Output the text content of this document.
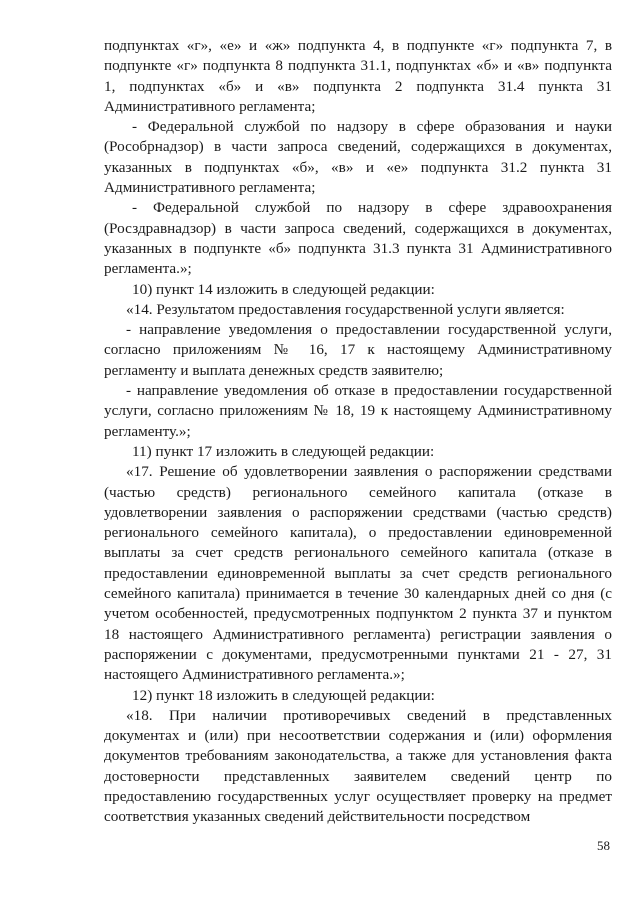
подпунктах «г», «е» и «ж» подпункта 4, в подпункте «г» подпункта 7, в подпункте «г» подпункта 8 подпункта 31.1, подпунктах «б» и «в» подпункта 1, подпунктах «б» и «в» подпункта 2 подпункта 31.4 пункта 31 Административного регламента;

- Федеральной службой по надзору в сфере образования и науки (Рособрнадзор) в части запроса сведений, содержащихся в документах, указанных в подпунктах «б», «в» и «е» подпункта 31.2 пункта 31 Административного регламента;

- Федеральной службой по надзору в сфере здравоохранения (Росздравнадзор) в части запроса сведений, содержащихся в документах, указанных в подпункте «б» подпункта 31.3 пункта 31 Административного регламента.»;

10) пункт 14 изложить в следующей редакции:

«14. Результатом предоставления государственной услуги является:

- направление уведомления о предоставлении государственной услуги, согласно приложениям № 16, 17 к настоящему Административному регламенту и выплата денежных средств заявителю;

- направление уведомления об отказе в предоставлении государственной услуги, согласно приложениям № 18, 19 к настоящему Административному регламенту.»;

11) пункт 17 изложить в следующей редакции:

«17. Решение об удовлетворении заявления о распоряжении средствами (частью средств) регионального семейного капитала (отказе в удовлетворении заявления о распоряжении средствами (частью средств) регионального семейного капитала), о предоставлении единовременной выплаты за счет средств регионального семейного капитала (отказе в предоставлении единовременной выплаты за счет средств регионального семейного капитала) принимается в течение 30 календарных дней со дня (с учетом особенностей, предусмотренных подпунктом 2 пункта 37 и пунктом 18 настоящего Административного регламента) регистрации заявления о распоряжении с документами, предусмотренными пунктами 21 - 27, 31 настоящего Административного регламента.»;

12) пункт 18 изложить в следующей редакции:

«18. При наличии противоречивых сведений в представленных документах и (или) при несоответствии содержания и (или) оформления документов требованиям законодательства, а также для установления факта достоверности представленных заявителем сведений центр по предоставлению государственных услуг осуществляет проверку на предмет соответствия указанных сведений действительности посредством

58
